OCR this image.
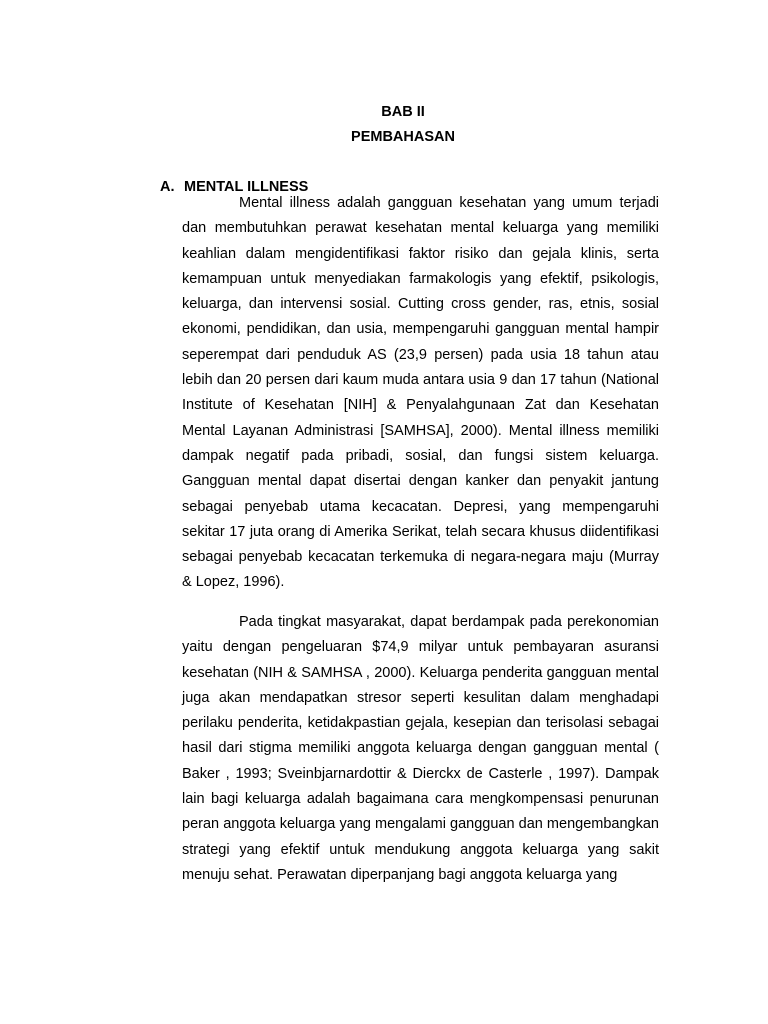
BAB II
PEMBAHASAN
A. MENTAL ILLNESS

Mental illness adalah gangguan kesehatan yang umum terjadi dan membutuhkan perawat kesehatan mental keluarga yang memiliki keahlian dalam mengidentifikasi faktor risiko dan gejala klinis, serta kemampuan untuk menyediakan farmakologis yang efektif, psikologis, keluarga, dan intervensi sosial. Cutting cross gender, ras, etnis, sosial ekonomi, pendidikan, dan usia, mempengaruhi gangguan mental hampir seperempat dari penduduk AS (23,9 persen) pada usia 18 tahun atau lebih dan 20 persen dari kaum muda antara usia 9 dan 17 tahun (National Institute of Kesehatan [NIH] & Penyalahgunaan Zat dan Kesehatan Mental Layanan Administrasi [SAMHSA], 2000). Mental illness memiliki dampak negatif pada pribadi, sosial, dan fungsi sistem keluarga. Gangguan mental dapat disertai dengan kanker dan penyakit jantung sebagai penyebab utama kecacatan. Depresi, yang mempengaruhi sekitar 17 juta orang di Amerika Serikat, telah secara khusus diidentifikasi sebagai penyebab kecacatan terkemuka di negara-negara maju (Murray & Lopez, 1996).

Pada tingkat masyarakat, dapat berdampak pada perekonomian yaitu dengan pengeluaran $74,9 milyar untuk pembayaran asuransi kesehatan (NIH & SAMHSA , 2000). Keluarga penderita gangguan mental juga akan mendapatkan stresor seperti kesulitan dalam menghadapi perilaku penderita, ketidakpastian gejala, kesepian dan terisolasi sebagai hasil dari stigma memiliki anggota keluarga dengan gangguan mental ( Baker , 1993; Sveinbjarnardottir & Dierckx de Casterle , 1997). Dampak lain bagi keluarga adalah bagaimana cara mengkompensasi penurunan peran anggota keluarga yang mengalami gangguan dan mengembangkan strategi yang efektif untuk mendukung anggota keluarga yang sakit menuju sehat. Perawatan diperpanjang bagi anggota keluarga yang
